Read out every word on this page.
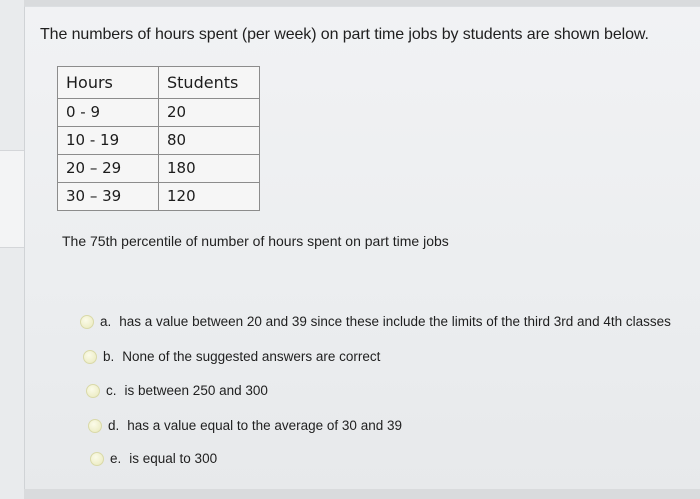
The numbers of hours spent (per week) on part time jobs by students are shown below.
Hours	Students
0 - 9	20
10 - 19	80
20 – 29	180
30 – 39	120
The 75th percentile of number of hours spent on part time jobs
a. has a value between 20 and 39 since these include the limits of the third 3rd and 4th classes
b. None of the suggested answers are correct
c. is between 250 and 300
d. has a value equal to the average of 30 and 39
e. is equal to 300
